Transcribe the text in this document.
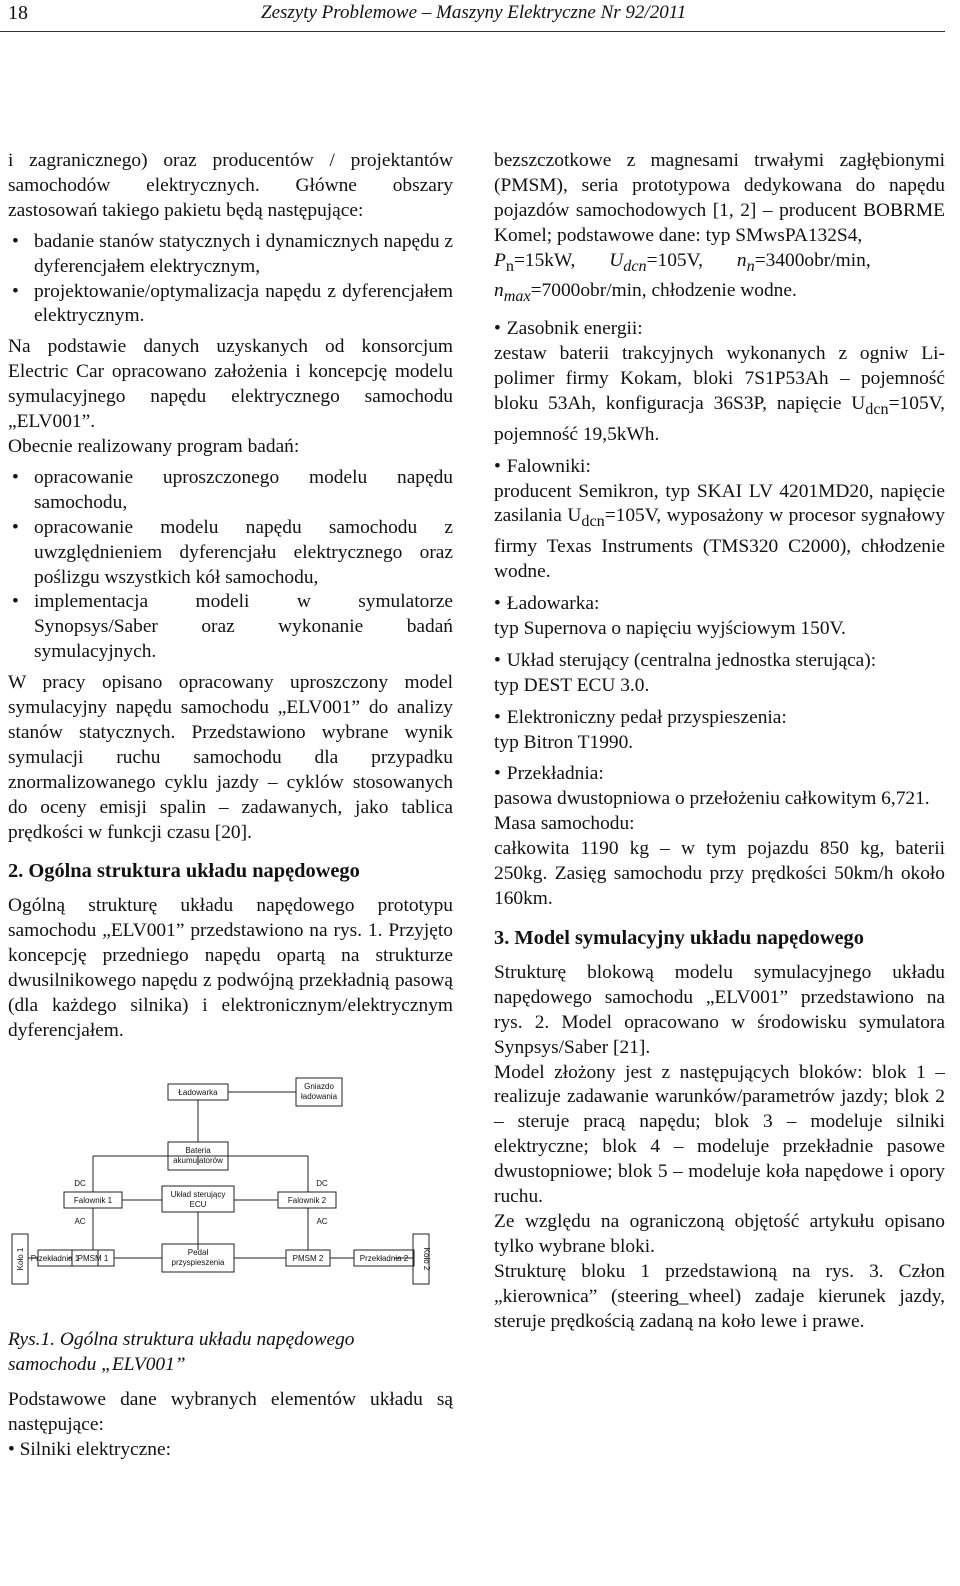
18	Zeszyty Problemowe – Maszyny Elektryczne Nr 92/2011

i zagranicznego) oraz producentów / projektantów samochodów elektrycznych. Główne obszary zastosowań takiego pakietu będą następujące:

• badanie stanów statycznych i dynamicznych napędu z dyferencjałem elektrycznym,
• projektowanie/optymalizacja napędu z dyferencjałem elektrycznym.

Na podstawie danych uzyskanych od konsorcjum Electric Car opracowano założenia i koncepcję modelu symulacyjnego napędu elektrycznego samochodu „ELV001”.

Obecnie realizowany program badań:

• opracowanie uproszczonego modelu napędu samochodu,
• opracowanie modelu napędu samochodu z uwzględnieniem dyferencjału elektrycznego oraz poślizgu wszystkich kół samochodu,
• implementacja modeli w symulatorze Synopsys/Saber oraz wykonanie badań symulacyjnych.

W pracy opisano opracowany uproszczony model symulacyjny napędu samochodu „ELV001” do analizy stanów statycznych. Przedstawiono wybrane wynik symulacji ruchu samochodu dla przypadku znormalizowanego cyklu jazdy – cyklów stosowanych do oceny emisji spalin – zadawanych, jako tablica prędkości w funkcji czasu [20].

2. Ogólna struktura układu napędowego

Ogólną strukturę układu napędowego prototypu samochodu „ELV001” przedstawiono na rys. 1. Przyjęto koncepcję przedniego napędu opartą na strukturze dwusilnikowego napędu z podwójną przekładnią pasową (dla każdego silnika) i elektronicznym/elektrycznym dyferencjałem.

Ładowarka
Gniazdo
ładowania
Bateria
akumulatorów
DC	DC
Falownik 1	Falownik 2
Układ sterujący
ECU
AC	AC
Koło 1	Koło 2
Przekładnia 1
PMSM 1
Pedał
przyspieszenia	PMSM 2	Przekładnia 2
Rys.1. Ogólna struktura układu napędowego
samochodu „ELV001”

Podstawowe dane wybranych elementów układu są następujące:

• Silniki elektryczne:

bezszczotkowe z magnesami trwałymi zagłębionymi (PMSM), seria prototypowa dedykowana do napędu pojazdów samochodowych [1, 2] – producent BOBRME Komel; podstawowe dane: typ SMwsPA132S4,

$P_n=15kW$, $U_{dcn}=105V$, $n_n=3400obr/\min$,
$n_{max}=7000obr/\min$, chłodzenie wodne.

• Zasobnik energii:

zestaw baterii trakcyjnych wykonanych z ogniw Li-polimer firmy Kokam, bloki 7S1P53Ah – pojemność bloku 53Ah, konfiguracja 36S3P, napięcie $U_{dcn}=105V$, pojemność 19,5kWh.

• Falowniki:

producent Semikron, typ SKAI LV 4201MD20, napięcie zasilania $U_{dcn}=105V$, wyposażony w procesor sygnałowy firmy Texas Instruments (TMS320 C2000), chłodzenie wodne.

• Ładowarka:

typ Supernova o napięciu wyjściowym 150V.

• Układ sterujący (centralna jednostka sterująca):

typ DEST ECU 3.0.

• Elektroniczny pedał przyspieszenia:

typ Bitron T1990.

• Przekładnia:

pasowa dwustopniowa o przełożeniu całkowitym 6,721.

Masa samochodu:

całkowita 1190 kg – w tym pojazdu 850 kg, baterii 250kg. Zasięg samochodu przy prędkości 50km/h około 160km.

3. Model symulacyjny układu napędowego

Strukturę blokową modelu symulacyjnego układu napędowego samochodu „ELV001” przedstawiono na rys. 2. Model opracowano w środowisku symulatora Synpsys/Saber [21].

Model złożony jest z następujących bloków: blok 1 – realizuje zadawanie warunków/parametrów jazdy; blok 2 – steruje pracą napędu; blok 3 – modeluje silniki elektryczne; blok 4 – modeluje przekładnie pasowe dwustopniowe; blok 5 – modeluje koła napędowe i opory ruchu.

Ze względu na ograniczoną objętość artykułu opisano tylko wybrane bloki.

Strukturę bloku 1 przedstawioną na rys. 3. Człon „kierownica” (steering_wheel) zadaje kierunek jazdy, steruje prędkością zadaną na koło lewe i prawe.
